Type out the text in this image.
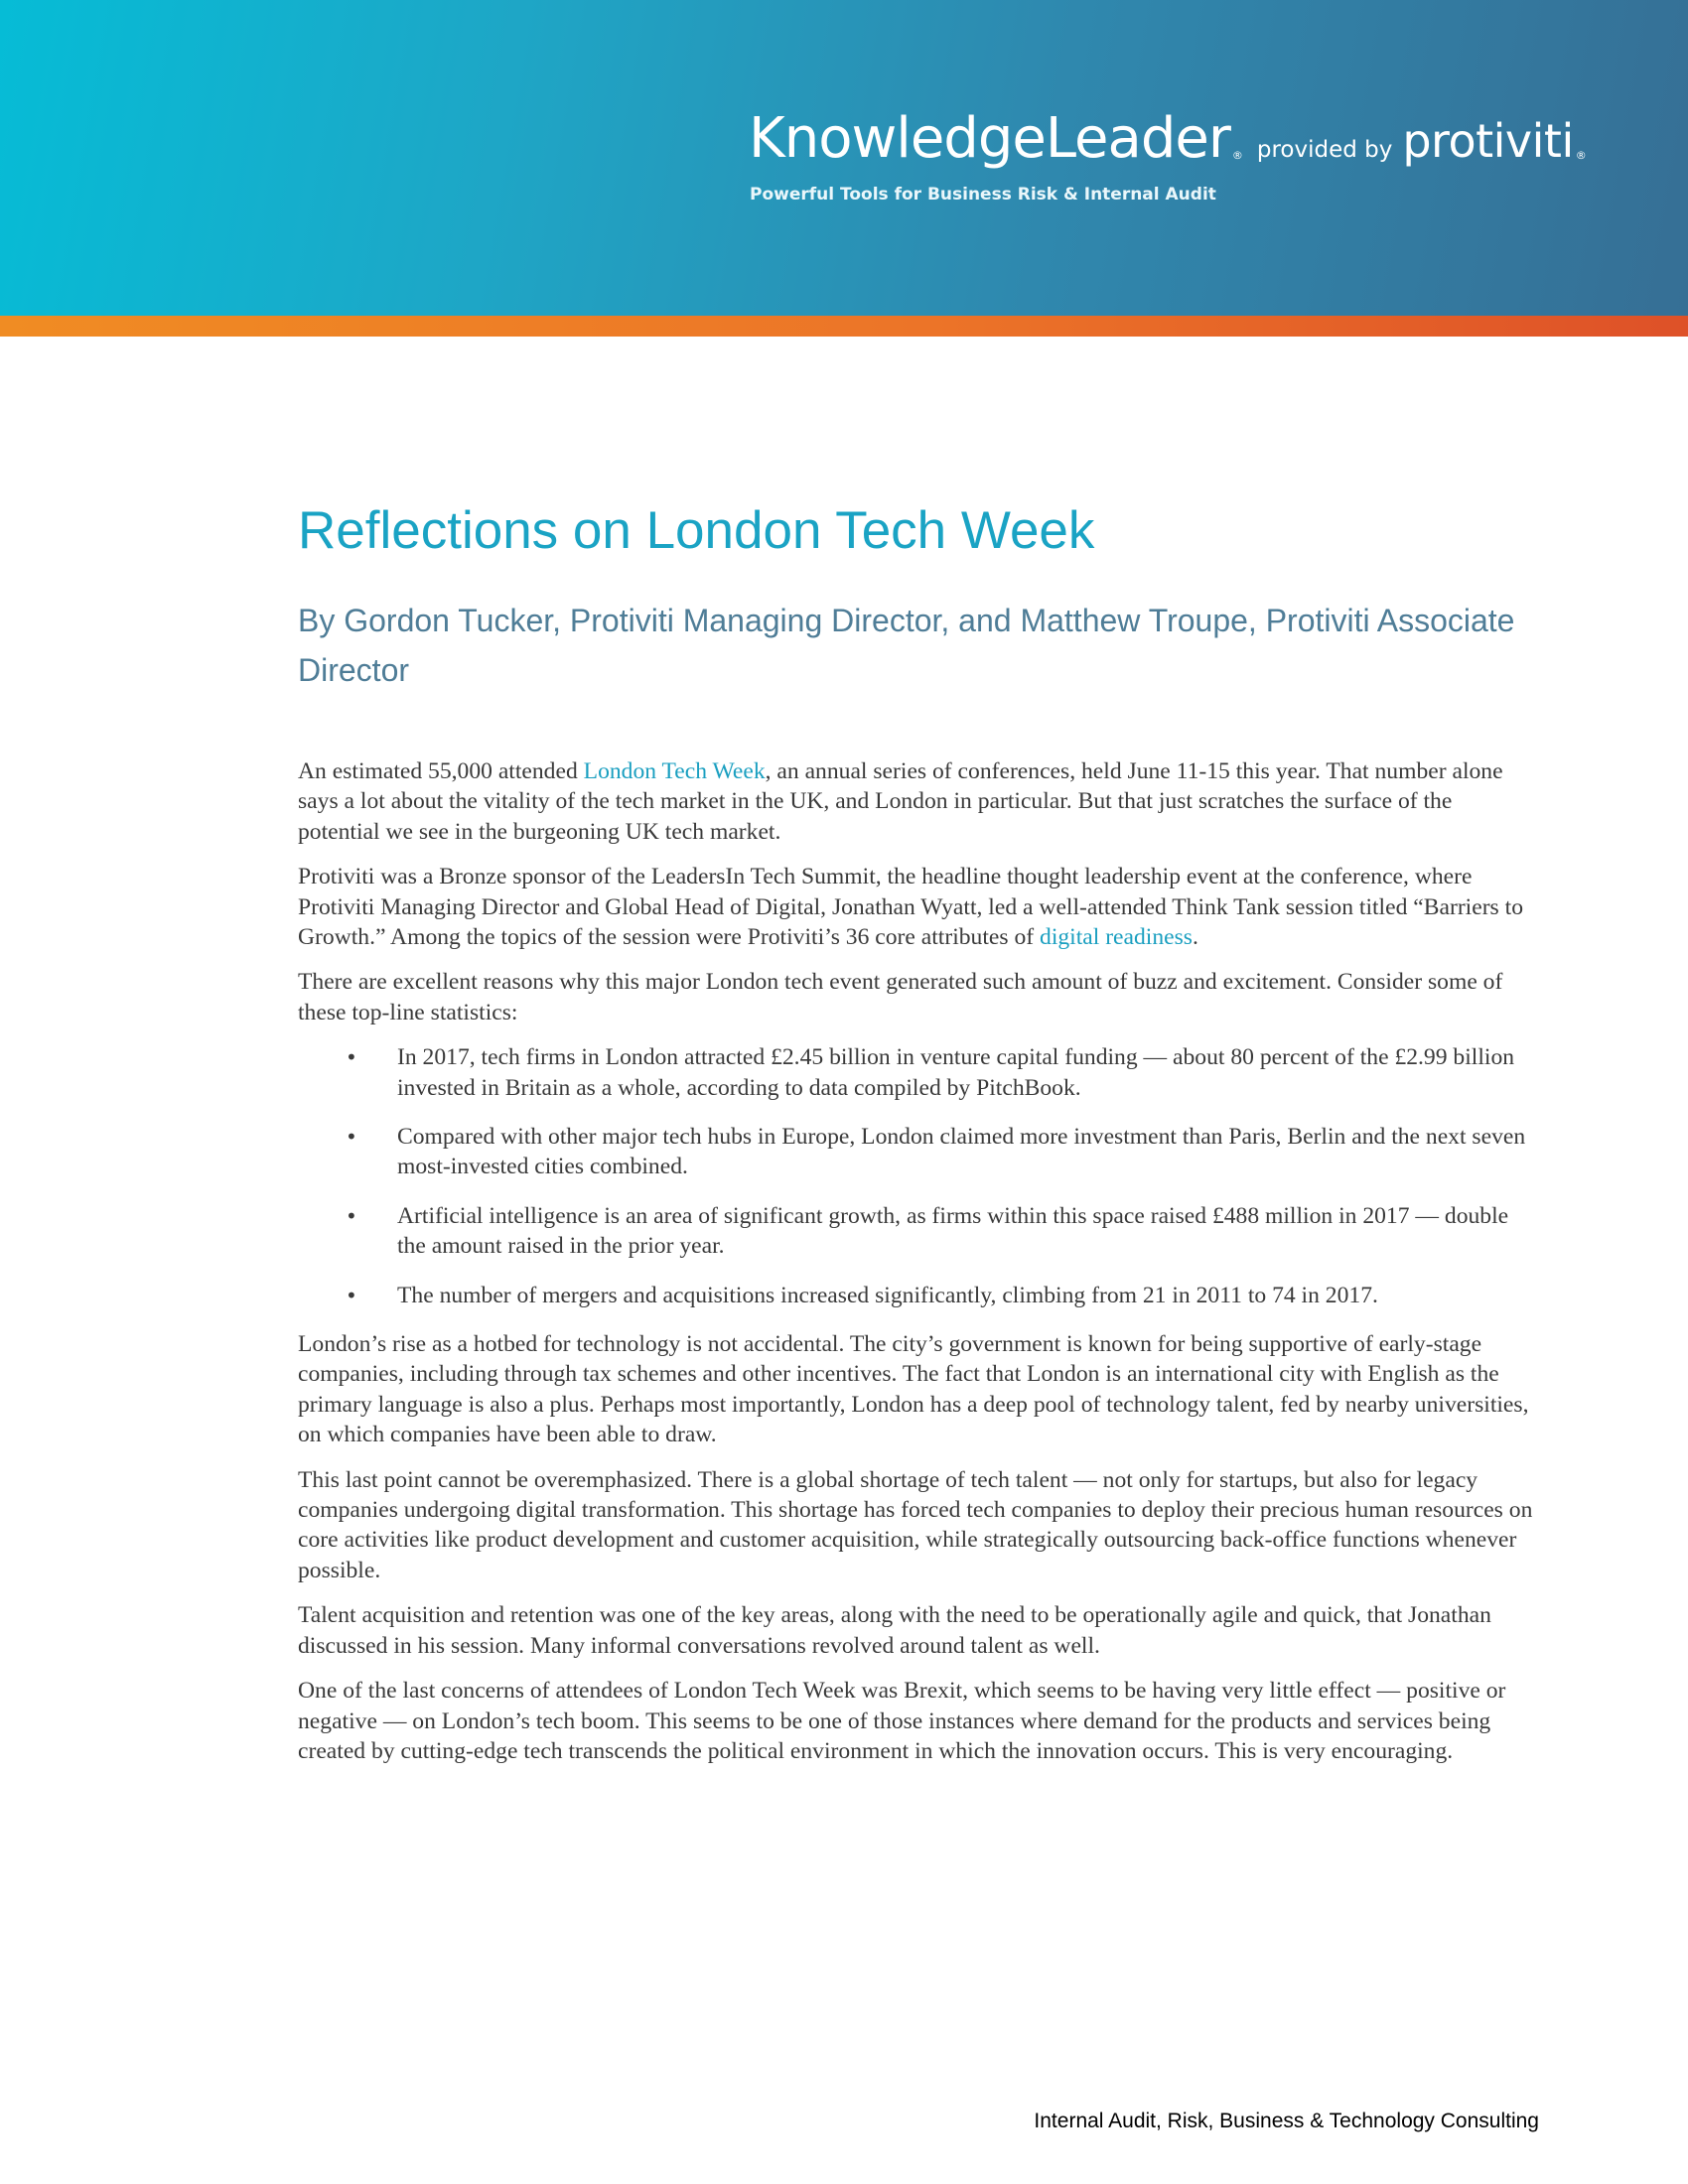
KnowledgeLeader ® provided by protiviti ®
Powerful Tools for Business Risk & Internal Audit
Reflections on London Tech Week
By Gordon Tucker, Protiviti Managing Director, and Matthew Troupe, Protiviti Associate Director

An estimated 55,000 attended London Tech Week, an annual series of conferences, held June 11-15 this year. That number alone says a lot about the vitality of the tech market in the UK, and London in particular. But that just scratches the surface of the potential we see in the burgeoning UK tech market.

Protiviti was a Bronze sponsor of the LeadersIn Tech Summit, the headline thought leadership event at the conference, where Protiviti Managing Director and Global Head of Digital, Jonathan Wyatt, led a well-attended Think Tank session titled “Barriers to Growth.” Among the topics of the session were Protiviti’s 36 core attributes of digital readiness.

There are excellent reasons why this major London tech event generated such amount of buzz and excitement. Consider some of these top-line statistics:

• In 2017, tech firms in London attracted £2.45 billion in venture capital funding — about 80 percent of the £2.99 billion invested in Britain as a whole, according to data compiled by PitchBook.
• Compared with other major tech hubs in Europe, London claimed more investment than Paris, Berlin and the next seven most-invested cities combined.
• Artificial intelligence is an area of significant growth, as firms within this space raised £488 million in 2017 — double the amount raised in the prior year.
• The number of mergers and acquisitions increased significantly, climbing from 21 in 2011 to 74 in 2017.

London’s rise as a hotbed for technology is not accidental. The city’s government is known for being supportive of early-stage companies, including through tax schemes and other incentives. The fact that London is an international city with English as the primary language is also a plus. Perhaps most importantly, London has a deep pool of technology talent, fed by nearby universities, on which companies have been able to draw.

This last point cannot be overemphasized. There is a global shortage of tech talent — not only for startups, but also for legacy companies undergoing digital transformation. This shortage has forced tech companies to deploy their precious human resources on core activities like product development and customer acquisition, while strategically outsourcing back-office functions whenever possible.

Talent acquisition and retention was one of the key areas, along with the need to be operationally agile and quick, that Jonathan discussed in his session. Many informal conversations revolved around talent as well.

One of the last concerns of attendees of London Tech Week was Brexit, which seems to be having very little effect — positive or negative — on London’s tech boom. This seems to be one of those instances where demand for the products and services being created by cutting-edge tech transcends the political environment in which the innovation occurs. This is very encouraging.

Internal Audit, Risk, Business & Technology Consulting
